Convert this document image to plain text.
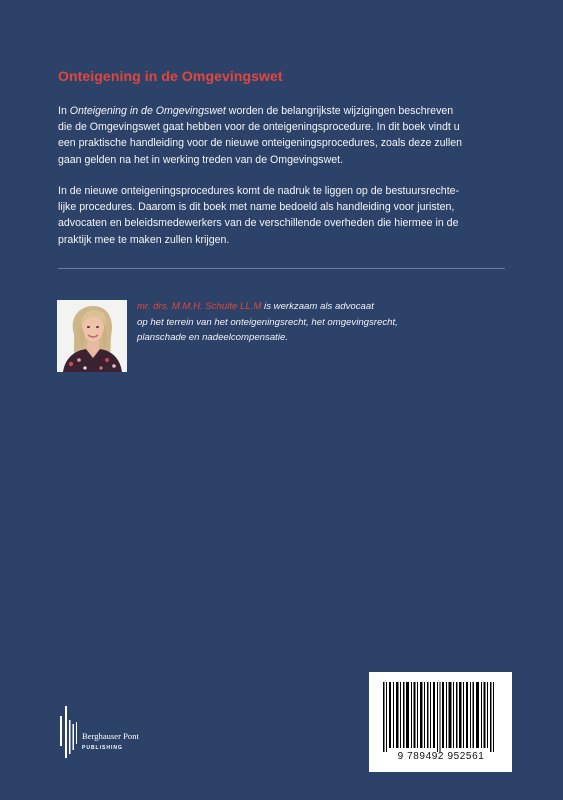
Onteigening in de Omgevingswet
In Onteigening in de Omgevingswet worden de belangrijkste wijzigingen beschreven
die de Omgevingswet gaat hebben voor de onteigeningsprocedure. In dit boek vindt u
een praktische handleiding voor de nieuwe onteigeningsprocedures, zoals deze zullen
gaan gelden na het in werking treden van de Omgevingswet.
In de nieuwe onteigeningsprocedures komt de nadruk te liggen op de bestuursrechte-
lijke procedures. Daarom is dit boek met name bedoeld als handleiding voor juristen,
advocaten en beleidsmedewerkers van de verschillende overheden die hiermee in de
praktijk mee te maken zullen krijgen.
mr. drs. M.M.H. Schulte LL.M is werkzaam als advocaat
op het terrein van het onteigeningsrecht, het omgevingsrecht,
planschade en nadeelcompensatie.
Berghauser Pont
PUBLISHING
9 789492 952561
